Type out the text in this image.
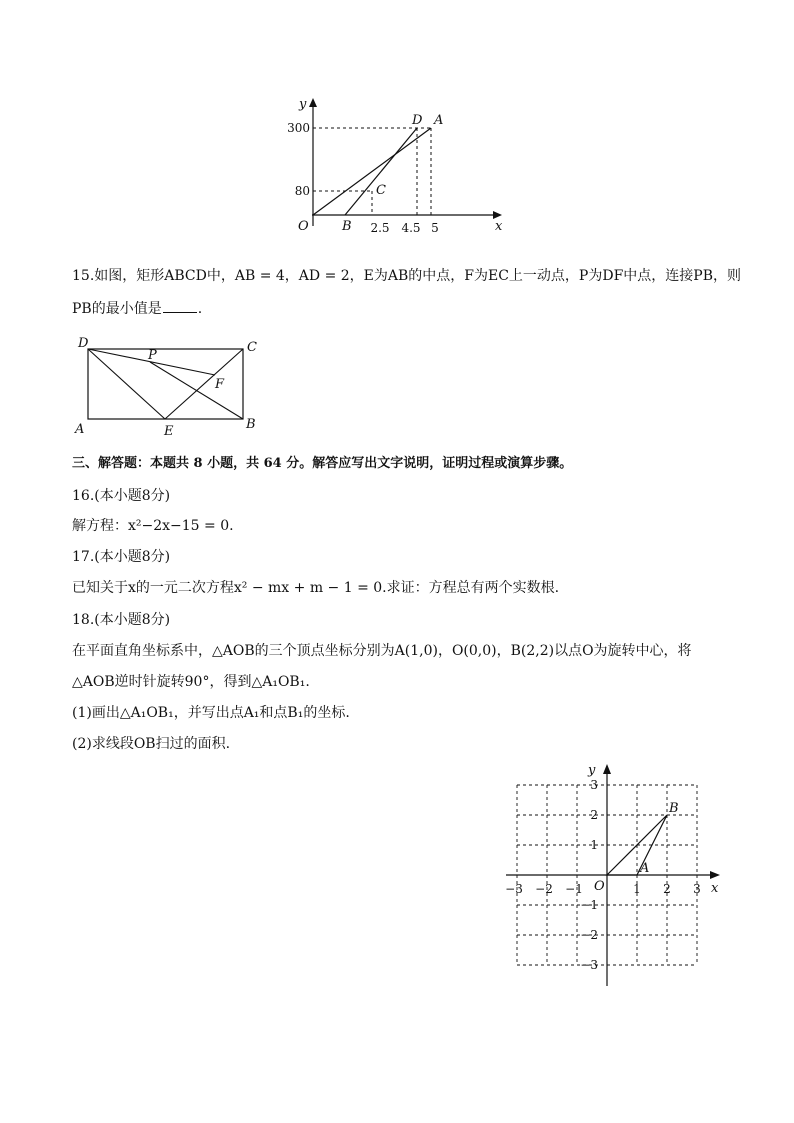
y
x
O
300
80
2.5 4.5 5
D A
C
B
15.如图，矩形ABCD中，AB = 4，AD = 2，E为AB的中点，F为EC上一动点，P为DF中点，连接PB，则
PB的最小值是	.
D	C
A	B
E
P
F
三、解答题：本题共 8 小题，共 64 分。解答应写出文字说明，证明过程或演算步骤。
16.(本小题8分)
解方程：x²−2x−15 = 0.
17.(本小题8分)
已知关于x的一元二次方程x² − mx + m − 1 = 0.求证：方程总有两个实数根.
18.(本小题8分)
在平面直角坐标系中，△AOB的三个顶点坐标分别为A(1,0)，O(0,0)，B(2,2)以点O为旋转中心，将
△AOB逆时针旋转90°，得到△A₁OB₁.
(1)画出△A₁OB₁，并写出点A₁和点B₁的坐标.
(2)求线段OB扫过的面积.
x
y
O
−3 −2 −1	1 2 3
3
2
1
−1
−2
−3
A
B
